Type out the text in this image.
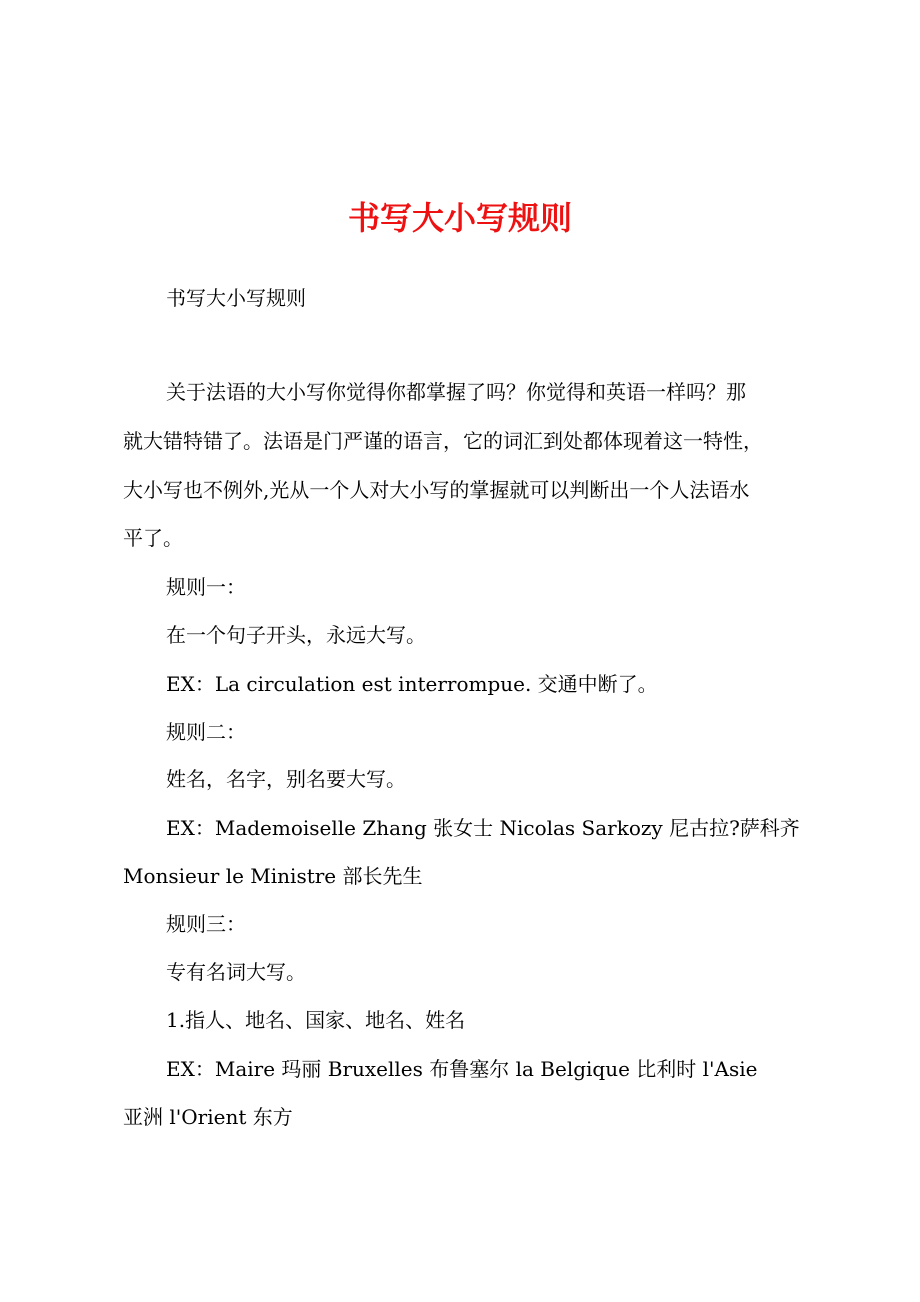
书写大小写规则

书写大小写规则

关于法语的大小写你觉得你都掌握了吗？你觉得和英语一样吗？那

就大错特错了。法语是门严谨的语言，它的词汇到处都体现着这一特性，

大小写也不例外,光从一个人对大小写的掌握就可以判断出一个人法语水

平了。

规则一：

在一个句子开头，永远大写。

EX：La circulation est interrompue. 交通中断了。

规则二：

姓名，名字，别名要大写。

EX：Mademoiselle Zhang 张女士 Nicolas Sarkozy 尼古拉?萨科齐

Monsieur le Ministre 部长先生

规则三：

专有名词大写。

1.指人、地名、国家、地名、姓名

EX：Maire 玛丽 Bruxelles 布鲁塞尔 la Belgique 比利时 l'Asie

亚洲 l'Orient 东方
